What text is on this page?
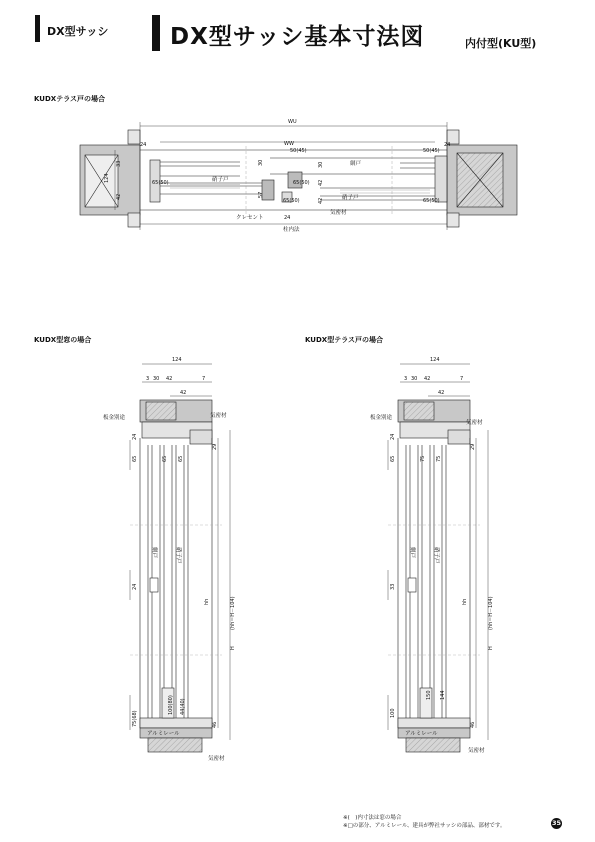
DX型サッシ	DX型サッシ基本寸法図	内付型(KU型)
KUDXテラス戸の場合
KUDX型窓の場合	KUDX型テラス戸の場合
WU
24	24
WW
50(45)	50(45)
124
33
42
65(50)
30
57
65(50)
65(50)
24
65(50)
42
42
30	網戸
硝子戸
硝子戸
クレセント
気密材
柱内法
124
3 30 42	7
42
65	65 65
24
24
29
100(80) 44(40)
75(68)	46
H
hh	(hh＝H－104)
板金別途	気密材
網戸	硝子戸
アルミレール
気密材
124
3 30 42	7
42
65	75 75
29
24
33
100
150 144
46
H
hh	(hh＝H－104)
板金別途
気密材
網戸	硝子戸
アルミレール
気密材
※(　)内寸法は窓の場合
※□の部分、アルミレール、建具が弊社サッシの部品、部材です。	35
